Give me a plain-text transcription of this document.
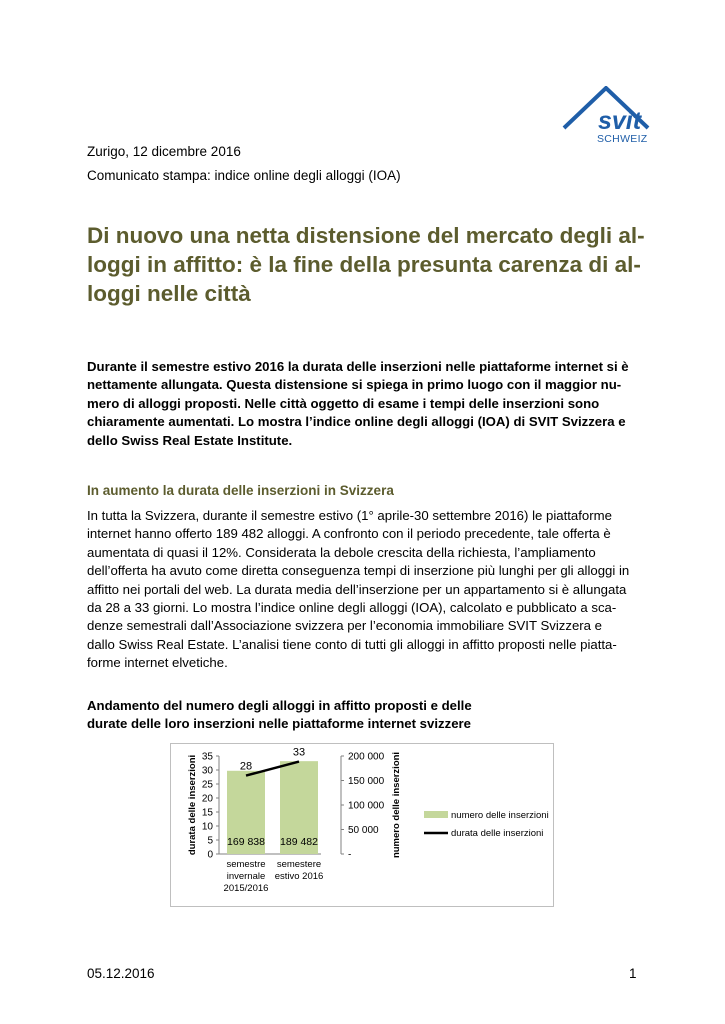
svit
SCHWEIZ
Zurigo, 12 dicembre 2016
Comunicato stampa: indice online degli alloggi (IOA)
Di nuovo una netta distensione del mercato degli al-
loggi in affitto: è la fine della presunta carenza di al-
loggi nelle città

Durante il semestre estivo 2016 la durata delle inserzioni nelle piattaforme internet si è
nettamente allungata. Questa distensione si spiega in primo luogo con il maggior nu-
mero di alloggi proposti. Nelle città oggetto di esame i tempi delle inserzioni sono
chiaramente aumentati. Lo mostra l’indice online degli alloggi (IOA) di SVIT Svizzera e
dello Swiss Real Estate Institute.

In aumento la durata delle inserzioni in Svizzera

In tutta la Svizzera, durante il semestre estivo (1° aprile-30 settembre 2016) le piattaforme
internet hanno offerto 189 482 alloggi. A confronto con il periodo precedente, tale offerta è
aumentata di quasi il 12%. Considerata la debole crescita della richiesta, l’ampliamento
dell’offerta ha avuto come diretta conseguenza tempi di inserzione più lunghi per gli alloggi in
affitto nei portali del web. La durata media dell’inserzione per un appartamento si è allungata
da 28 a 33 giorni. Lo mostra l’indice online degli alloggi (IOA), calcolato e pubblicato a sca-
denze semestrali dall’Associazione svizzera per l’economia immobiliare SVIT Svizzera e
dallo Swiss Real Estate. L’analisi tiene conto di tutti gli alloggi in affitto proposti nelle piatta-
forme internet elvetiche.

Andamento del numero degli alloggi in affitto proposti e delle
durate delle loro inserzioni nelle piattaforme internet svizzere

0
5
10
15
20
25
30
35
-
50 000
100 000
150 000
200 000
169 838 189 482
28
33
semestre
invernale
2015/2016
semestere
estivo 2016
durata delle inserzioni	numero delle inserzioni	numero delle inserzioni
durata delle inserzioni
05.12.2016	1
